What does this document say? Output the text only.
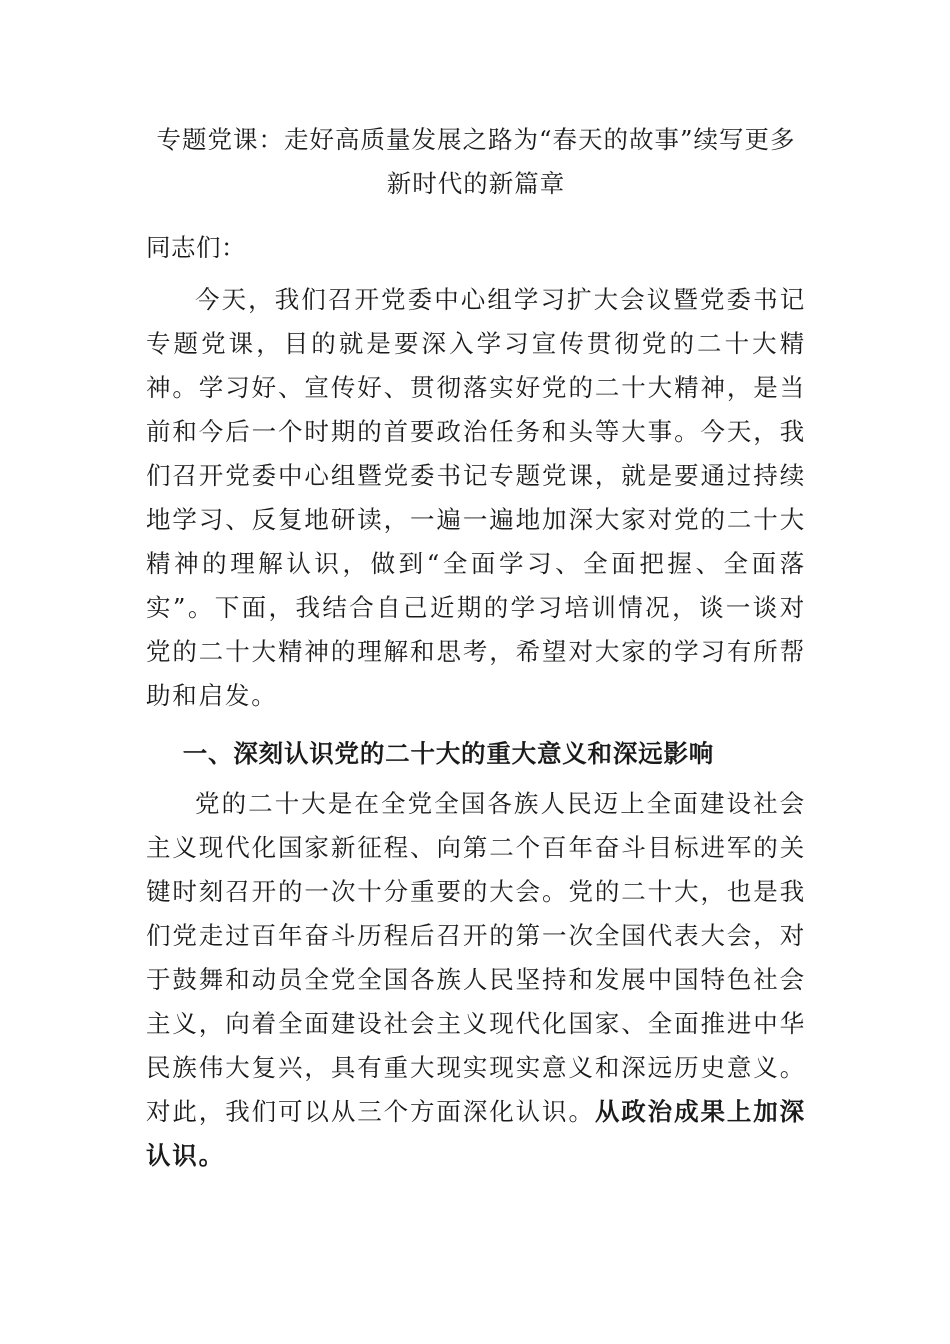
专题党课：走好高质量发展之路为“春天的故事”续写更多新时代的新篇章

同志们：

今天，我们召开党委中心组学习扩大会议暨党委书记专题党课，目的就是要深入学习宣传贯彻党的二十大精神。学习好、宣传好、贯彻落实好党的二十大精神，是当前和今后一个时期的首要政治任务和头等大事。今天，我们召开党委中心组暨党委书记专题党课，就是要通过持续地学习、反复地研读，一遍一遍地加深大家对党的二十大精神的理解认识，做到“全面学习、全面把握、全面落实”。下面，我结合自己近期的学习培训情况，谈一谈对党的二十大精神的理解和思考，希望对大家的学习有所帮助和启发。

一、深刻认识党的二十大的重大意义和深远影响

党的二十大是在全党全国各族人民迈上全面建设社会主义现代化国家新征程、向第二个百年奋斗目标进军的关键时刻召开的一次十分重要的大会。党的二十大，也是我们党走过百年奋斗历程后召开的第一次全国代表大会，对于鼓舞和动员全党全国各族人民坚持和发展中国特色社会主义，向着全面建设社会主义现代化国家、全面推进中华民族伟大复兴，具有重大现实现实意义和深远历史意义。对此，我们可以从三个方面深化认识。从政治成果上加深认识。
